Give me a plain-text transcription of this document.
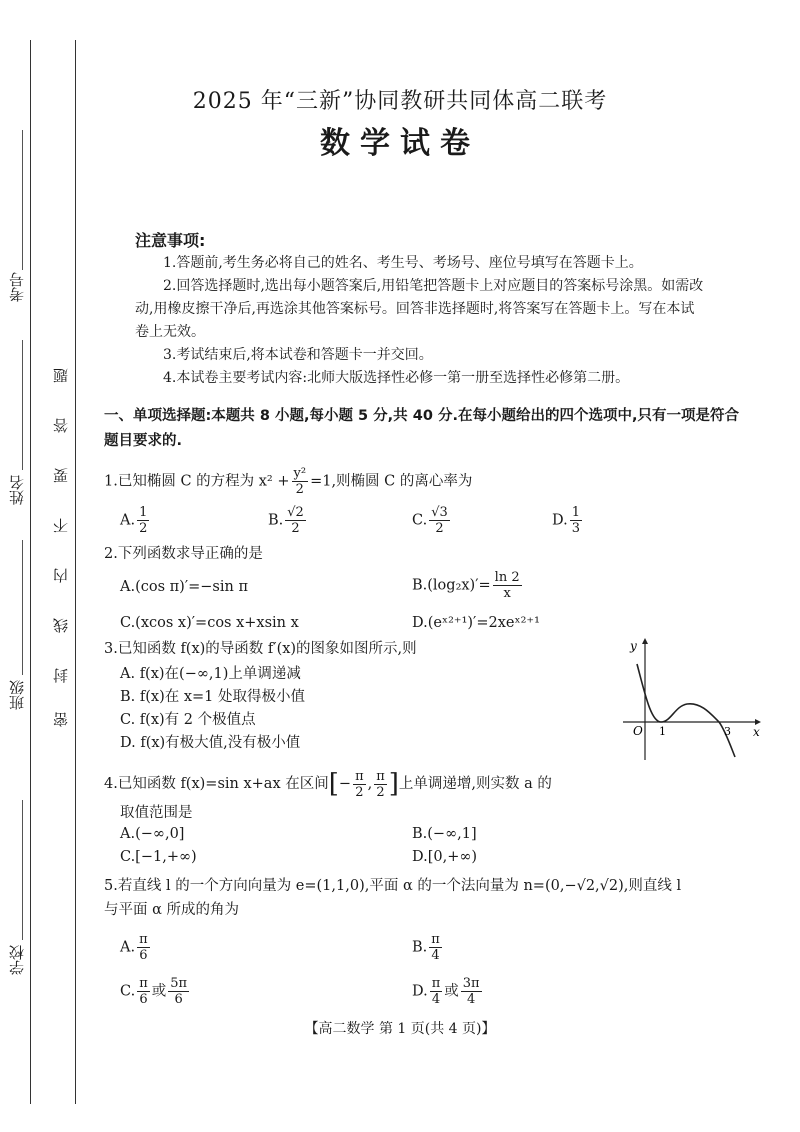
考号
姓名
班级
学校
题
答
要
不
内
线
封
密
2025 年“三新”协同教研共同体高二联考
数学试卷
注意事项:
1.答题前,考生务必将自己的姓名、考生号、考场号、座位号填写在答题卡上。
2.回答选择题时,选出每小题答案后,用铅笔把答题卡上对应题目的答案标号涂黑。如需改动,用橡皮擦干净后,再选涂其他答案标号。回答非选择题时,将答案写在答题卡上。写在本试卷上无效。
3.考试结束后,将本试卷和答题卡一并交回。
4.本试卷主要考试内容:北师大版选择性必修一第一册至选择性必修第二册。
一、单项选择题:本题共 8 小题,每小题 5 分,共 40 分.在每小题给出的四个选项中,只有一项是符合题目要求的.
1.已知椭圆 C 的方程为 $x^2 + \frac{\text{y²}}{2} =1$,则椭圆 C 的离心率为
A. $\frac{1}{2}$	B. $\frac{√2}{2}$	C. $\frac{√3}{2}$	D. $\frac{1}{3}$
2.下列函数求导正确的是
A.(cos π)′=−sin π	$B.(\log_2x)'= \frac{\ln 2}{x}$
C.(xcos x)′=cos x+xsin x	D.(eˣ²⁺¹)′=2xeˣ²⁺¹
3.已知函数 f(x)的导函数 f′(x)的图象如图所示,则
A. f(x)在(−∞,1)上单调递减
B. f(x)在 x=1 处取得极小值
C. f(x)有 2 个极值点
D. f(x)有极大值,没有极小值
y
x
O 1	3
4.已知函数 f(x)=sin x+ax 在区间[− $\frac{\pi}{2}$ , $\frac{\pi}{2}$ ]上单调递增,则实数 a 的
取值范围是
A.(−∞,0]	B.(−∞,1]
C.[−1,+∞)	D.[0,+∞)
5.若直线 l 的一个方向向量为 e=(1,1,0),平面 α 的一个法向量为 n=(0,−√2,√2),则直线 l
与平面 α 所成的角为
A. $\frac{\pi}{6}$	B. $\frac{\pi}{4}$
C. $\frac{\pi}{6}$ 或 $\frac{5\pi}{6}$	D. $\frac{\pi}{4}$ 或 $\frac{3\pi}{4}$
【高二数学 第 1 页(共 4 页)】
